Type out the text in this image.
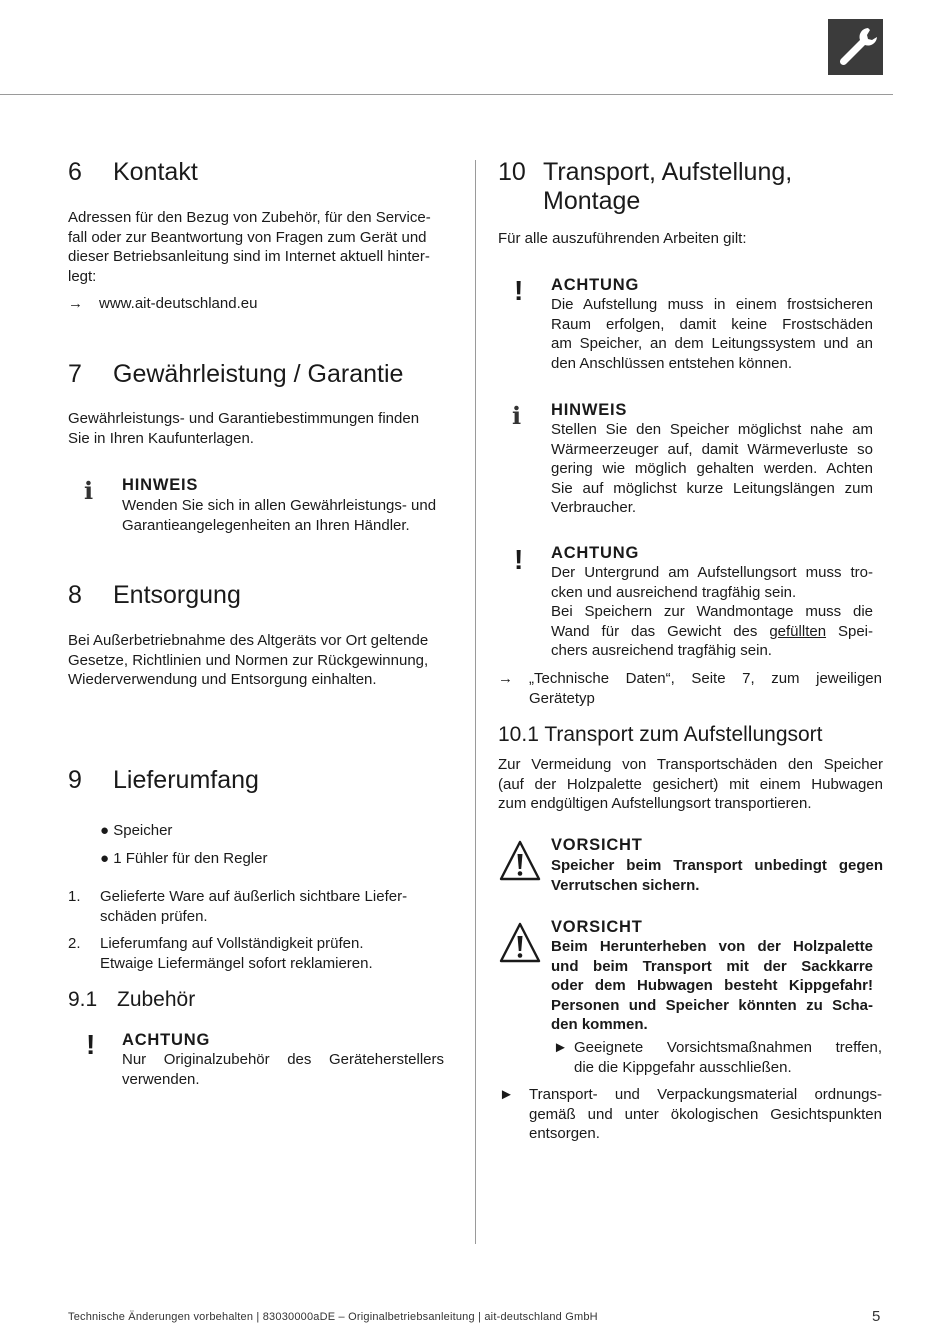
6 Kontakt
Adressen für den Bezug von Zubehör, für den Service-
fall oder zur Beantwortung von Fragen zum Gerät und
dieser Betriebsanleitung sind im Internet aktuell hinter-
legt:
→ www.ait-deutschland.eu
7 Gewährleistung / Garantie
Gewährleistungs- und Garantiebestimmungen finden
Sie in Ihren Kaufunterlagen.
ℹ HINWEIS
Wenden Sie sich in allen Gewährleistungs- und
Garantieangelegenheiten an Ihren Händler.
8 Entsorgung
Bei Außerbetriebnahme des Altgeräts vor Ort geltende
Gesetze, Richtlinien und Normen zur Rückgewinnung,
Wiederverwendung und Entsorgung einhalten.
9 Lieferumfang
● Speicher
● 1 Fühler für den Regler
1. Gelieferte Ware auf äußerlich sichtbare Liefer-
schäden prüfen.
2. Lieferumfang auf Vollständigkeit prüfen.
Etwaige Liefermängel sofort reklamieren.
9.1 Zubehör
! ACHTUNG
Nur Originalzubehör des Geräteherstellers
verwenden.
10 Transport, Aufstellung,
Montage
Für alle auszuführenden Arbeiten gilt:
! ACHTUNG
Die Aufstellung muss in einem frostsicheren
Raum erfolgen, damit keine Frostschäden
am Speicher, an dem Leitungssystem und an
den Anschlüssen entstehen können.
ℹ HINWEIS
Stellen Sie den Speicher möglichst nahe am
Wärmeerzeuger auf, damit Wärmeverluste so
gering wie möglich gehalten werden. Achten
Sie auf möglichst kurze Leitungslängen zum
Verbraucher.
! ACHTUNG
Der Untergrund am Aufstellungsort muss tro-
cken und ausreichend tragfähig sein.
Bei Speichern zur Wandmontage muss die
Wand für das Gewicht des gefüllten Spei-
chers ausreichend tragfähig sein.
→ „Technische Daten“, Seite 7, zum jeweiligen
Gerätetyp
10.1 Transport zum Aufstellungsort
Zur Vermeidung von Transportschäden den Speicher
(auf der Holzpalette gesichert) mit einem Hubwagen
zum endgültigen Aufstellungsort transportieren.
VORSICHT
Speicher beim Transport unbedingt gegen
Verrutschen sichern.
VORSICHT
Beim Herunterheben von der Holzpalette
und beim Transport mit der Sackkarre
oder dem Hubwagen besteht Kippgefahr!
Personen und Speicher könnten zu Scha-
den kommen.
► Geeignete Vorsichtsmaßnahmen treffen,
die die Kippgefahr ausschließen.
► Transport- und Verpackungsmaterial ordnungs-
gemäß und unter ökologischen Gesichtspunkten
entsorgen.
Technische Änderungen vorbehalten | 83030000aDE – Originalbetriebsanleitung | ait-deutschland GmbH	5
